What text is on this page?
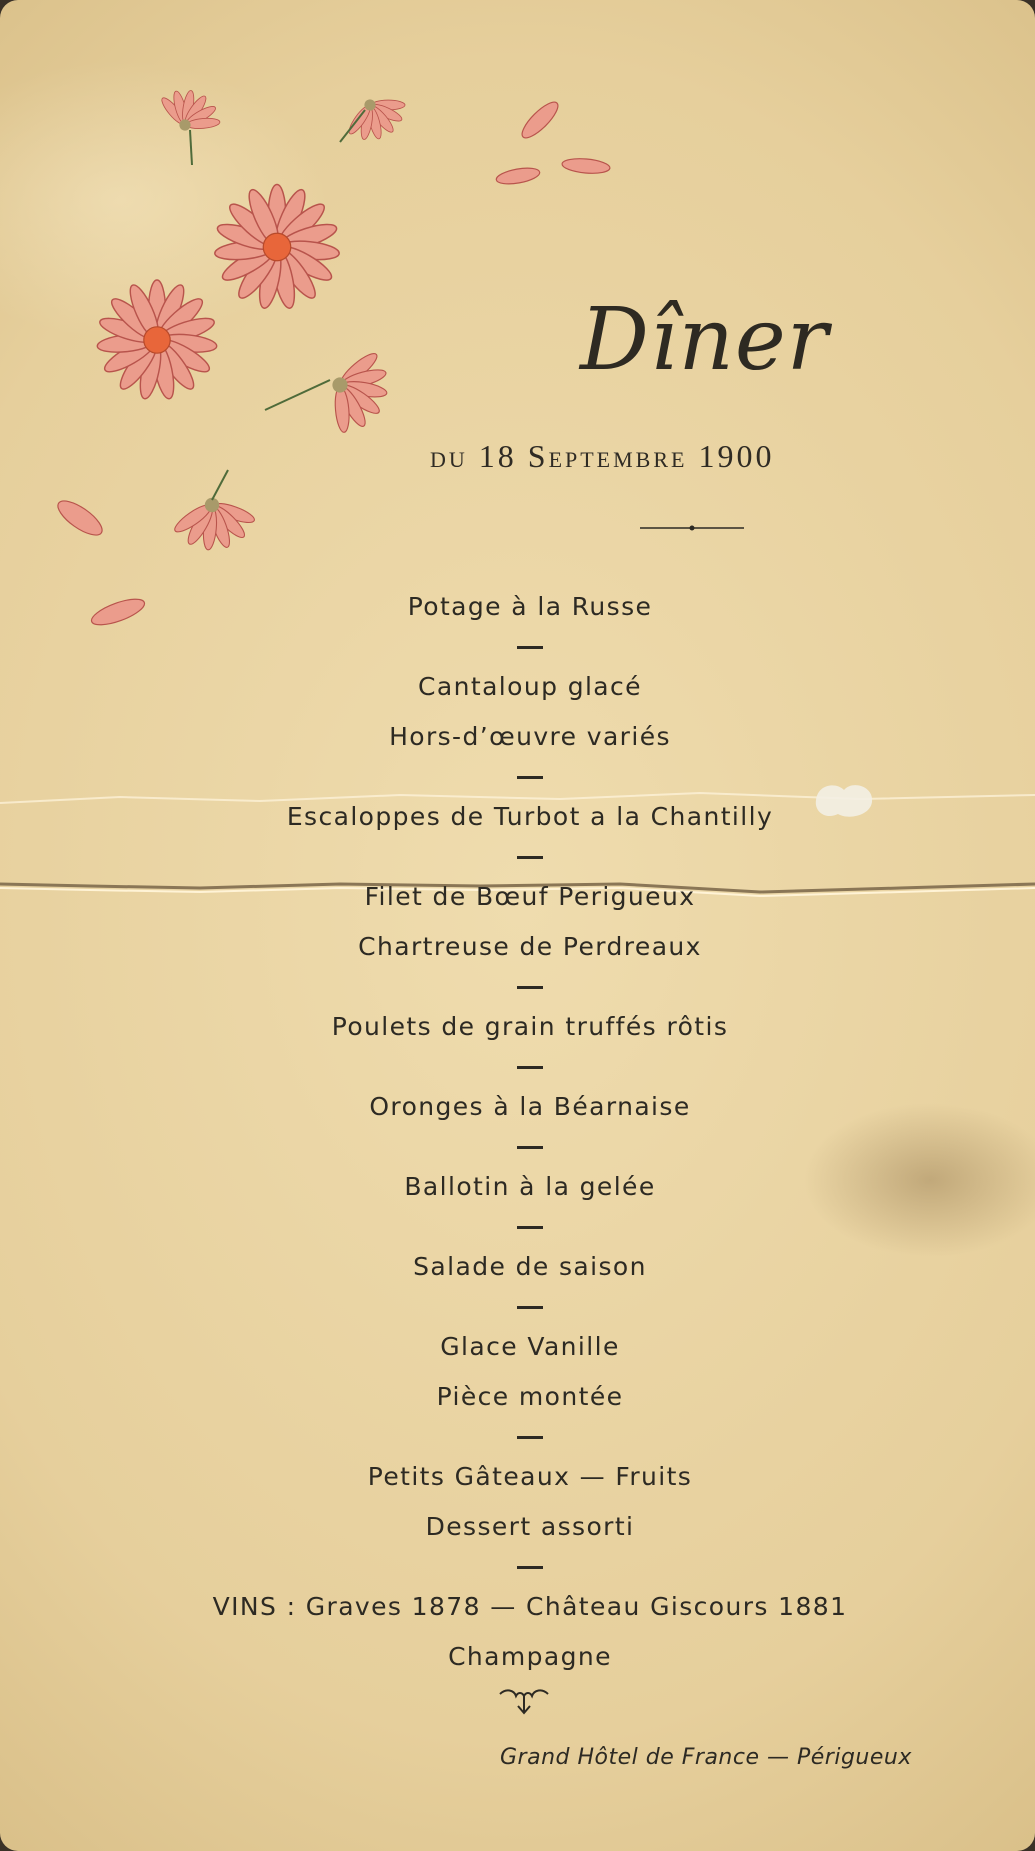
Dîner
du 18 Septembre 1900
Potage à la Russe
Cantaloup glacé
Hors-d’œuvre variés
Escaloppes de Turbot a la Chantilly
Filet de Bœuf Perigueux
Chartreuse de Perdreaux
Poulets de grain truffés rôtis
Oronges à la Béarnaise
Ballotin à la gelée
Salade de saison
Glace Vanille
Pièce montée
Petits Gâteaux — Fruits
Dessert assorti
VINS : Graves 1878 — Château Giscours 1881
Champagne
Grand Hôtel de France — Périgueux
